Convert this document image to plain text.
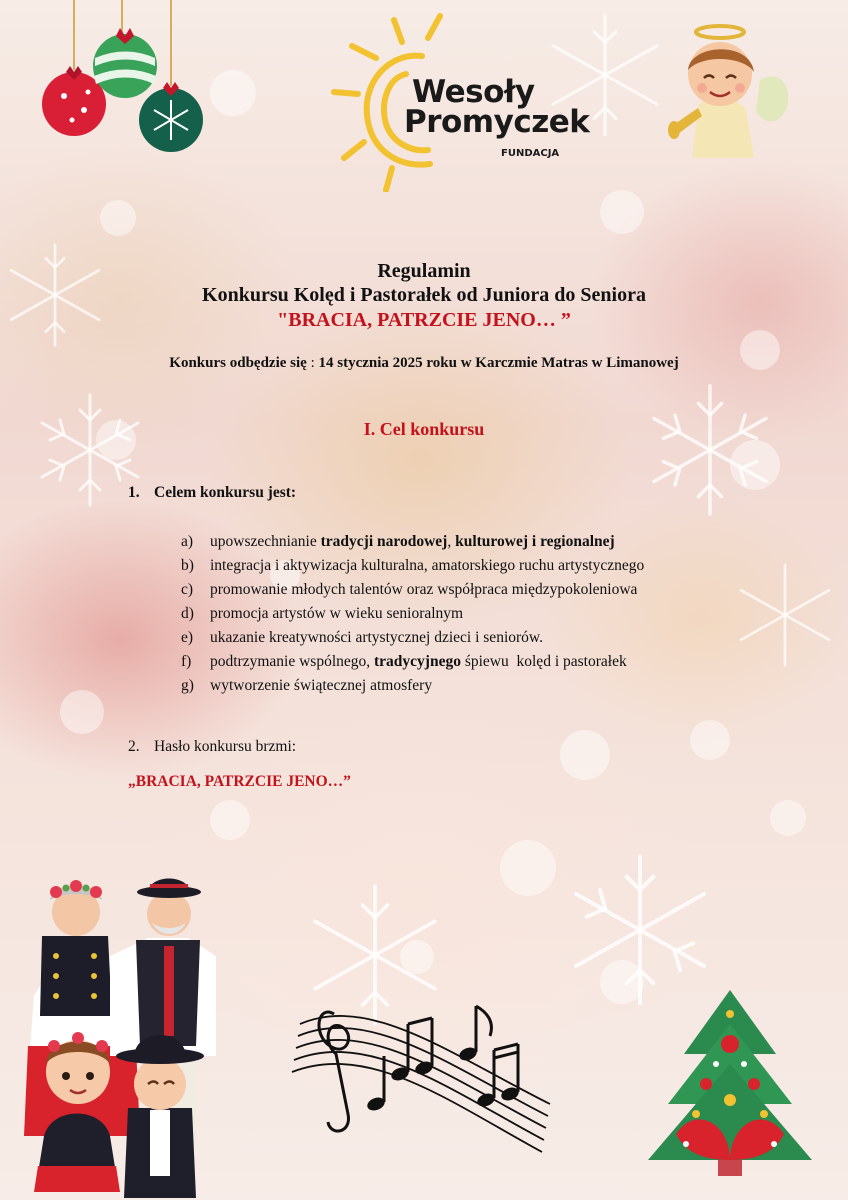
Wesoły
Promyczek
FUNDACJA
Regulamin
Konkursu Kolęd i Pastorałek od Juniora do Seniora
"BRACIA, PATRZCIE JENO… ”
Konkurs odbędzie się : 14 stycznia 2025 roku w Karczmie Matras w Limanowej
I. Cel konkursu
1. Celem konkursu jest:
a) upowszechnianie tradycji narodowej, kulturowej i regionalnej
b) integracja i aktywizacja kulturalna, amatorskiego ruchu artystycznego
c) promowanie młodych talentów oraz współpraca międzypokoleniowa
d) promocja artystów w wieku senioralnym
e) ukazanie kreatywności artystycznej dzieci i seniorów.
f) podtrzymanie wspólnego, tradycyjnego śpiewu  kolęd i pastorałek
g) wytworzenie świątecznej atmosfery
2. Hasło konkursu brzmi:
„BRACIA, PATRZCIE JENO…”
